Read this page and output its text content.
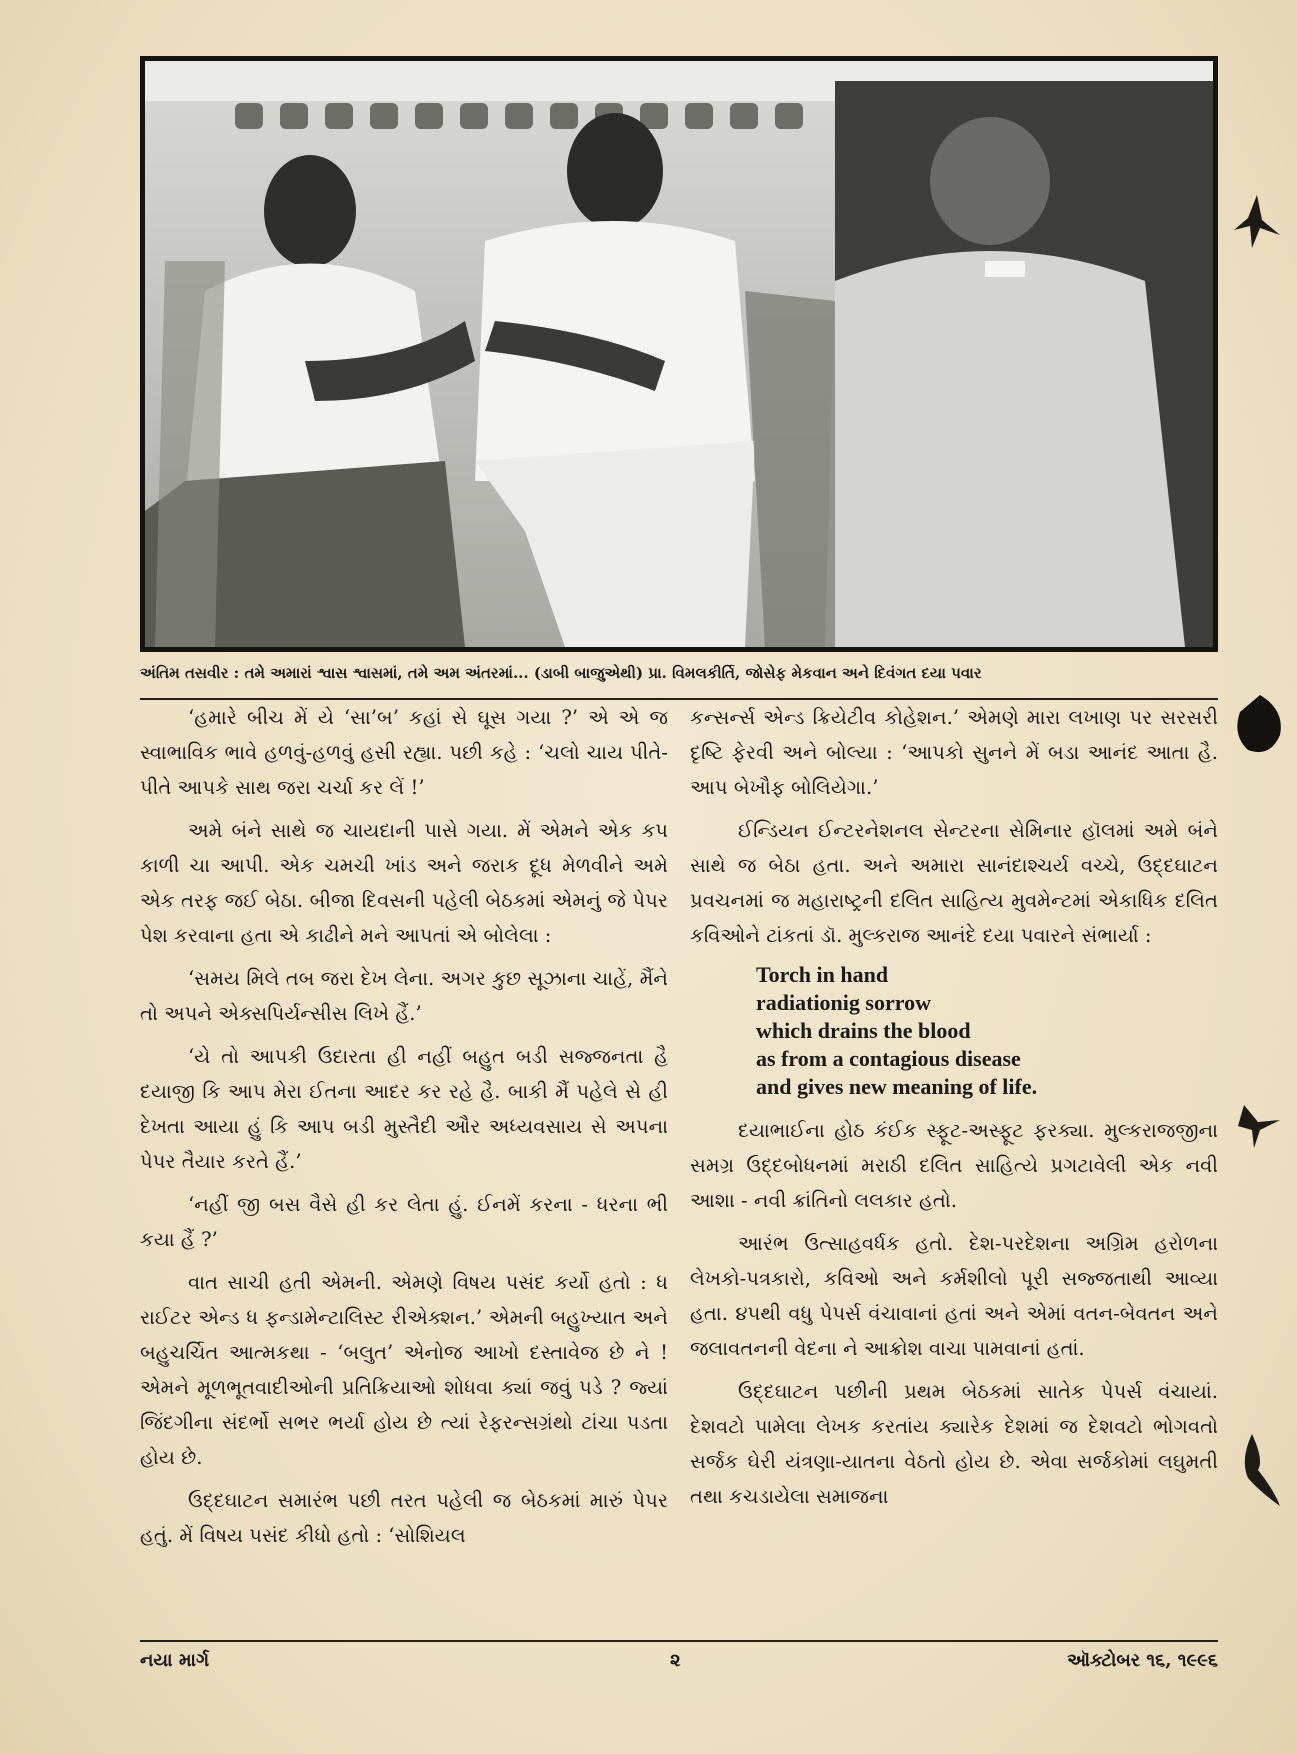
અંતિમ તસવીર : તમે અમારાં શ્વાસ શ્વાસમાં, તમે અમ અંતરમાં... (ડાબી બાજુએથી) પ્રા. વિમલકીર્તિ, જોસેફ મેકવાન અને દિવંગત દયા પવાર

‘હમારે બીચ મેં યે ‘સા’બ’ કહાં સે ઘૂસ ગયા ?’ એ એ જ સ્વાભાવિક ભાવે હળવું-હળવું હસી રહ્યા. પછી કહે : ‘ચલો ચાય પીતે-પીતે આપકે સાથ જરા ચર્ચા કર લેં !’

અમે બંને સાથે જ ચાયદાની પાસે ગયા. મેં એમને એક કપ કાળી ચા આપી. એક ચમચી ખાંડ અને જરાક દૂધ મેળવીને અમે એક તરફ જઈ બેઠા. બીજા દિવસની પહેલી બેઠકમાં એમનું જે પેપર પેશ કરવાના હતા એ કાઢીને મને આપતાં એ બોલેલા :

‘સમય મિલે તબ જરા દેખ લેના. અગર કુછ સૂઝાના ચાહેં, મૈંને તો અપને એક્સપિર્યન્સીસ લિખે હૈં.’

‘યે તો આપકી ઉદારતા હી નહીં બહુત બડી સજ્જનતા હૈ દયાજી કિ આપ મેરા ઈતના આદર કર રહે હૈ. બાકી મૈં પહેલે સે હી દેખતા આયા હું કિ આપ બડી મુસ્તૈદી ઔર અધ્યવસાય સે અપના પેપર તૈયાર કરતે હૈં.’

‘નહીં જી બસ વૈસે હી કર લેતા હું. ઈનમેં કરના - ધરના ભી કયા હૈં ?’

વાત સાચી હતી એમની. એમણે વિષય પસંદ કર્યો હતો : ધ રાઈટર એન્ડ ધ ફન્ડામેન્ટાલિસ્ટ રીએક્શન.’ એમની બહુખ્યાત અને બહુચર્ચિત આત્મકથા - ‘બલુત’ એનોજ આખો દસ્તાવેજ છે ને ! એમને મૂળભૂતવાદીઓની પ્રતિક્રિયાઓ શોધવા ક્યાં જવું પડે ? જ્યાં જિંદગીના સંદર્ભો સભર ભર્યા હોય છે ત્યાં રેફરન્સગ્રંથો ટાંચા પડતા હોય છે.

ઉદ્દઘાટન સમારંભ પછી તરત પહેલી જ બેઠકમાં મારું પેપર હતું. મેં વિષય પસંદ કીધો હતો : ‘સોશિયલ

કન્સર્ન્સ એન્ડ ક્રિયેટીવ કોહેશન.’ એમણે મારા લખાણ પર સરસરી દૃષ્ટિ ફેરવી અને બોલ્યા : ‘આપકો સુનને મેં બડા આનંદ આતા હૈ. આપ બેખૌફ બોલિયેગા.’

ઈન્ડિયન ઈન્ટરનેશનલ સેન્ટરના સેમિનાર હૉલમાં અમે બંને સાથે જ બેઠા હતા. અને અમારા સાનંદાશ્ચર્ય વચ્ચે, ઉદ્દઘાટન પ્રવચનમાં જ મહારાષ્ટ્રની દલિત સાહિત્ય મુવમેન્ટમાં એકાધિક દલિત કવિઓને ટાંકતાં ડૉ. મુલ્કરાજ આનંદે દયા પવારને સંભાર્યા :

Torch in hand
radiationig sorrow
which drains the blood
as from a contagious disease
and gives new meaning of life.

દયાભાઈના હોઠ કંઈક સ્ફૂટ-અસ્ફૂટ ફરક્યા. મુલ્કરાજજીના સમગ્ર ઉદ્દબોધનમાં મરાઠી દલિત સાહિત્યે પ્રગટાવેલી એક નવી આશા - નવી ક્રાંતિનો લલકાર હતો.

આરંભ ઉત્સાહવર્ધક હતો. દેશ-પરદેશના અગ્રિમ હરોળના લેખકો-પત્રકારો, કવિઓ અને કર્મશીલો પૂરી સજ્જતાથી આવ્યા હતા. ૪૫થી વધુ પેપર્સ વંચાવાનાં હતાં અને એમાં વતન-બેવતન અને જલાવતનની વેદના ને આક્રોશ વાચા પામવાનાં હતાં.

ઉદ્દઘાટન પછીની પ્રથમ બેઠકમાં સાતેક પેપર્સ વંચાયાં. દેશવટો પામેલા લેખક કરતાંય ક્યારેક દેશમાં જ દેશવટો ભોગવતો સર્જક ઘેરી યંત્રણા-યાતના વેઠતો હોય છે. એવા સર્જકોમાં લઘુમતી તથા કચડાયેલા સમાજના

નયા માર્ગ	૨	ઑક્ટોબર ૧૬, ૧૯૯૬
